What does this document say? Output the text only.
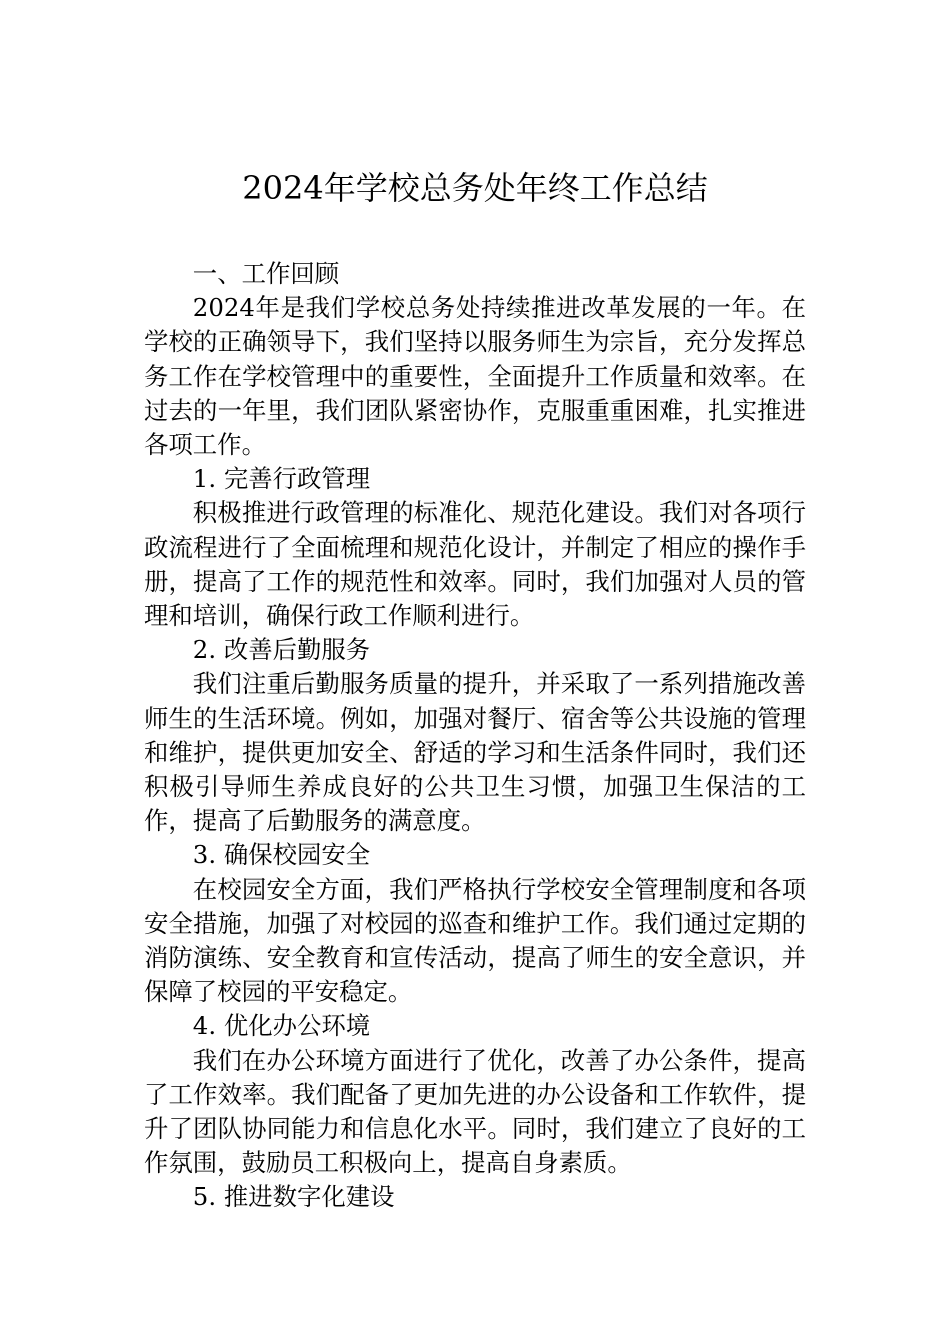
2024年学校总务处年终工作总结

一、工作回顾

2024年是我们学校总务处持续推进改革发展的一年。在学校的正确领导下，我们坚持以服务师生为宗旨，充分发挥总务工作在学校管理中的重要性，全面提升工作质量和效率。在过去的一年里，我们团队紧密协作，克服重重困难，扎实推进各项工作。

1. 完善行政管理

积极推进行政管理的标准化、规范化建设。我们对各项行政流程进行了全面梳理和规范化设计，并制定了相应的操作手册，提高了工作的规范性和效率。同时，我们加强对人员的管理和培训，确保行政工作顺利进行。

2. 改善后勤服务

我们注重后勤服务质量的提升，并采取了一系列措施改善师生的生活环境。例如，加强对餐厅、宿舍等公共设施的管理和维护，提供更加安全、舒适的学习和生活条件同时，我们还积极引导师生养成良好的公共卫生习惯，加强卫生保洁的工作，提高了后勤服务的满意度。

3. 确保校园安全

在校园安全方面，我们严格执行学校安全管理制度和各项安全措施，加强了对校园的巡查和维护工作。我们通过定期的消防演练、安全教育和宣传活动，提高了师生的安全意识，并保障了校园的平安稳定。

4. 优化办公环境

我们在办公环境方面进行了优化，改善了办公条件，提高了工作效率。我们配备了更加先进的办公设备和工作软件，提升了团队协同能力和信息化水平。同时，我们建立了良好的工作氛围，鼓励员工积极向上，提高自身素质。

5. 推进数字化建设
